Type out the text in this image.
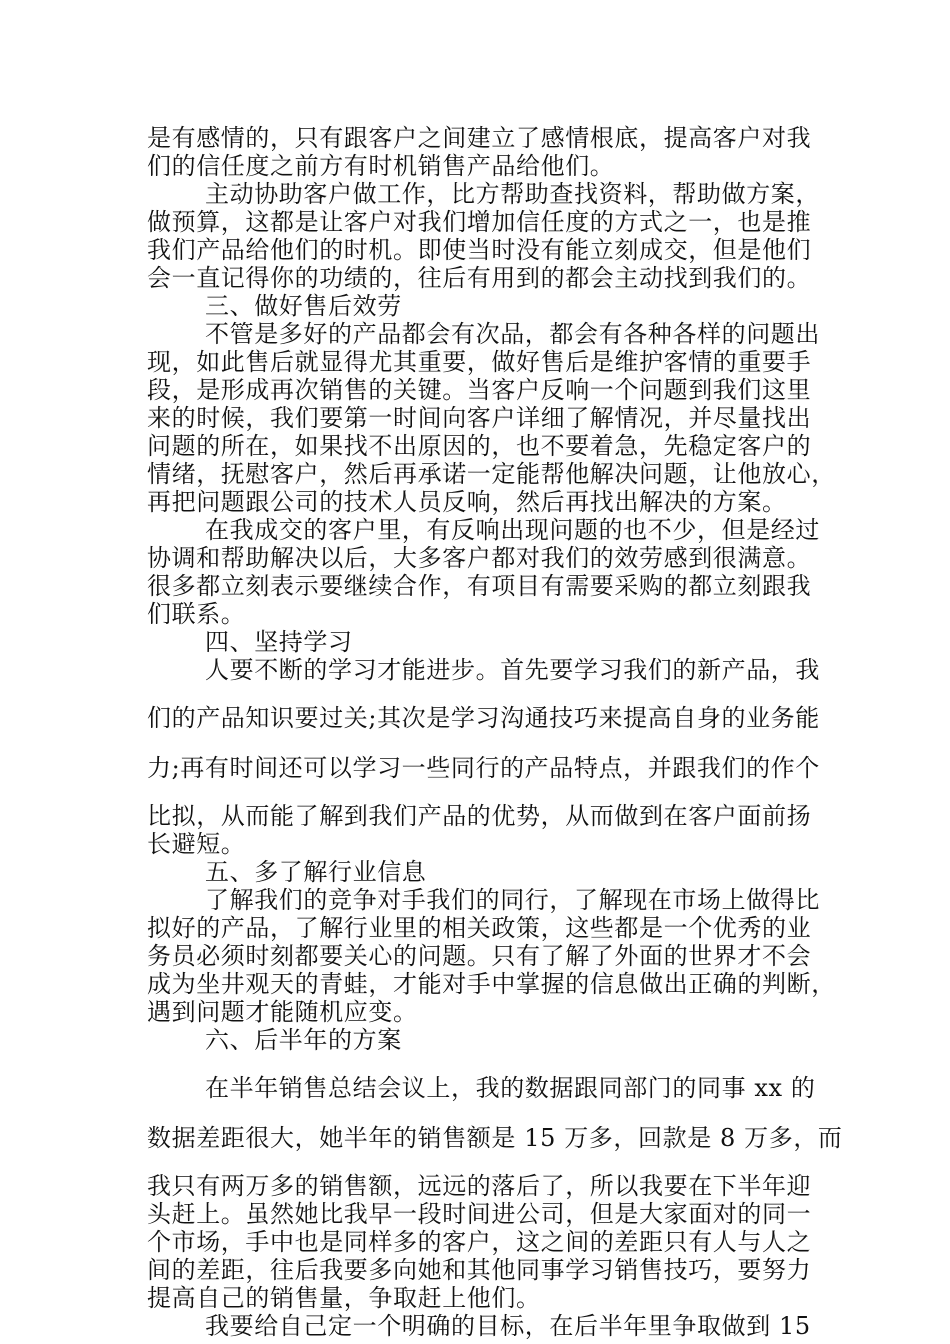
是有感情的，只有跟客户之间建立了感情根底，提高客户对我
们的信任度之前方有时机销售产品给他们。
主动协助客户做工作，比方帮助查找资料，帮助做方案，
做预算，这都是让客户对我们增加信任度的方式之一，也是推
我们产品给他们的时机。即使当时没有能立刻成交，但是他们
会一直记得你的功绩的，往后有用到的都会主动找到我们的。
三、做好售后效劳
不管是多好的产品都会有次品，都会有各种各样的问题出
现，如此售后就显得尤其重要，做好售后是维护客情的重要手
段，是形成再次销售的关键。当客户反响一个问题到我们这里
来的时候，我们要第一时间向客户详细了解情况，并尽量找出
问题的所在，如果找不出原因的，也不要着急，先稳定客户的
情绪，抚慰客户，然后再承诺一定能帮他解决问题，让他放心，
再把问题跟公司的技术人员反响，然后再找出解决的方案。
在我成交的客户里，有反响出现问题的也不少，但是经过
协调和帮助解决以后，大多客户都对我们的效劳感到很满意。
很多都立刻表示要继续合作，有项目有需要采购的都立刻跟我
们联系。
四、坚持学习
人要不断的学习才能进步。首先要学习我们的新产品，我
们的产品知识要过关;其次是学习沟通技巧来提高自身的业务能
力;再有时间还可以学习一些同行的产品特点，并跟我们的作个
比拟，从而能了解到我们产品的优势，从而做到在客户面前扬
长避短。
五、多了解行业信息
了解我们的竞争对手我们的同行，了解现在市场上做得比
拟好的产品，了解行业里的相关政策，这些都是一个优秀的业
务员必须时刻都要关心的问题。只有了解了外面的世界才不会
成为坐井观天的青蛙，才能对手中掌握的信息做出正确的判断，
遇到问题才能随机应变。
六、后半年的方案
在半年销售总结会议上，我的数据跟同部门的同事 xx 的
数据差距很大，她半年的销售额是 15 万多，回款是 8 万多，而
我只有两万多的销售额，远远的落后了，所以我要在下半年迎
头赶上。虽然她比我早一段时间进公司，但是大家面对的同一
个市场，手中也是同样多的客户，这之间的差距只有人与人之
间的差距，往后我要多向她和其他同事学习销售技巧，要努力
提高自己的销售量，争取赶上他们。
我要给自己定一个明确的目标，在后半年里争取做到 15
